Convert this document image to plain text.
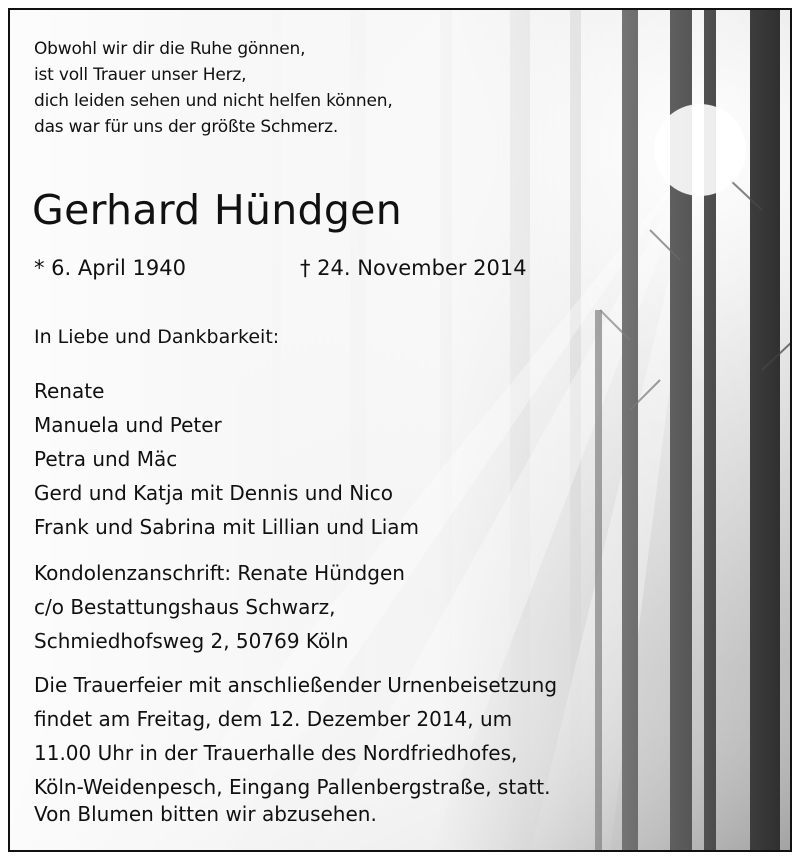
Obwohl wir dir die Ruhe gönnen,
ist voll Trauer unser Herz,
dich leiden sehen und nicht helfen können,
das war für uns der größte Schmerz.
Gerhard Hündgen
* 6. April 1940	† 24. November 2014
In Liebe und Dankbarkeit:
Renate
Manuela und Peter
Petra und Mäc
Gerd und Katja mit Dennis und Nico
Frank und Sabrina mit Lillian und Liam
Kondolenzanschrift: Renate Hündgen
c/o Bestattungshaus Schwarz,
Schmiedhofsweg 2, 50769 Köln
Die Trauerfeier mit anschließender Urnenbeisetzung
findet am Freitag, dem 12. Dezember 2014, um
11.00 Uhr in der Trauerhalle des Nordfriedhofes,
Köln-Weidenpesch, Eingang Pallenbergstraße, statt.
Von Blumen bitten wir abzusehen.
